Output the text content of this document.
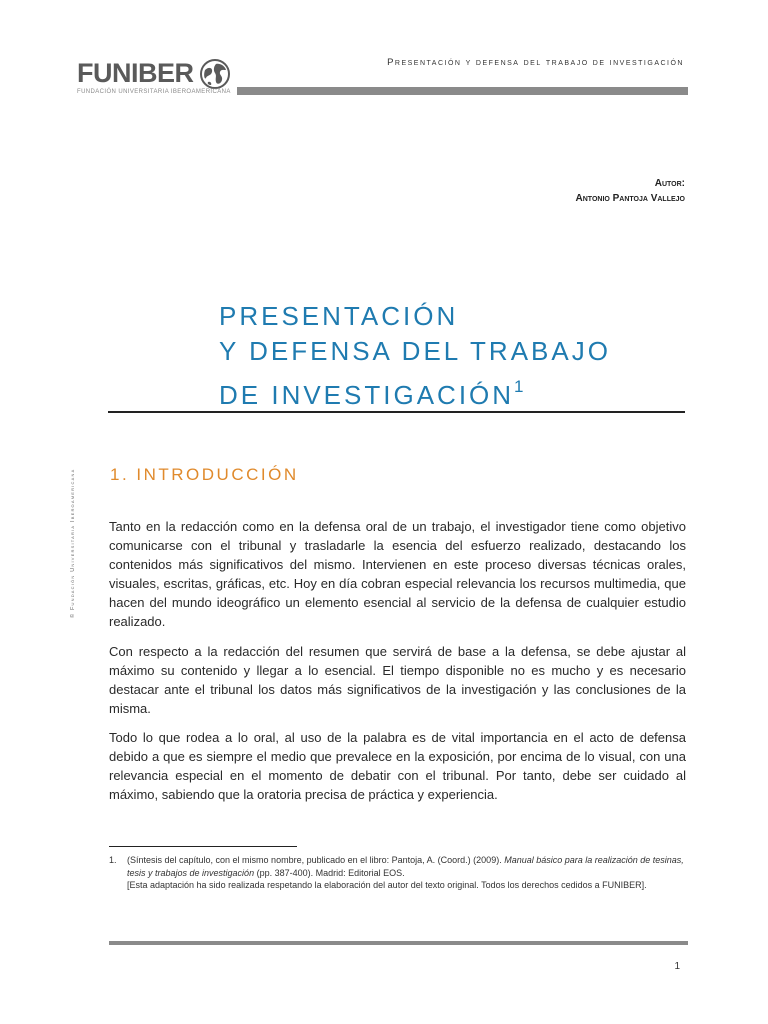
Presentación y defensa del trabajo de investigación
FUNIBER
FUNDACIÓN UNIVERSITARIA IBEROAMERICANA
Autor:
Antonio Pantoja Vallejo
PRESENTACIÓN
Y DEFENSA DEL TRABAJO
DE INVESTIGACIÓN$^1$
© Fundación Universitaria Iberoamericana 1. INTRODUCCIÓN

Tanto en la redacción como en la defensa oral de un trabajo, el investigador tiene como objetivo comunicarse con el tribunal y trasladarle la esencia del esfuerzo realizado, destacando los contenidos más significativos del mismo. Intervienen en este proceso diversas técnicas orales, visuales, escritas, gráficas, etc. Hoy en día cobran especial relevancia los recursos multimedia, que hacen del mundo ideográfico un elemento esencial al servicio de la defensa de cualquier estudio realizado.

Con respecto a la redacción del resumen que servirá de base a la defensa, se debe ajustar al máximo su contenido y llegar a lo esencial. El tiempo disponible no es mucho y es necesario destacar ante el tribunal los datos más significativos de la investigación y las conclusiones de la misma.

Todo lo que rodea a lo oral, al uso de la palabra es de vital importancia en el acto de defensa debido a que es siempre el medio que prevalece en la exposición, por encima de lo visual, con una relevancia especial en el momento de debatir con el tribunal. Por tanto, debe ser cuidado al máximo, sabiendo que la oratoria precisa de práctica y experiencia.

1. (Síntesis del capítulo, con el mismo nombre, publicado en el libro: Pantoja, A. (Coord.) (2009). Manual básico para la realización de tesinas, tesis y trabajos de investigación (pp. 387-400). Madrid: Editorial EOS.
[Esta adaptación ha sido realizada respetando la elaboración del autor del texto original. Todos los derechos cedidos a FUNIBER].
1
